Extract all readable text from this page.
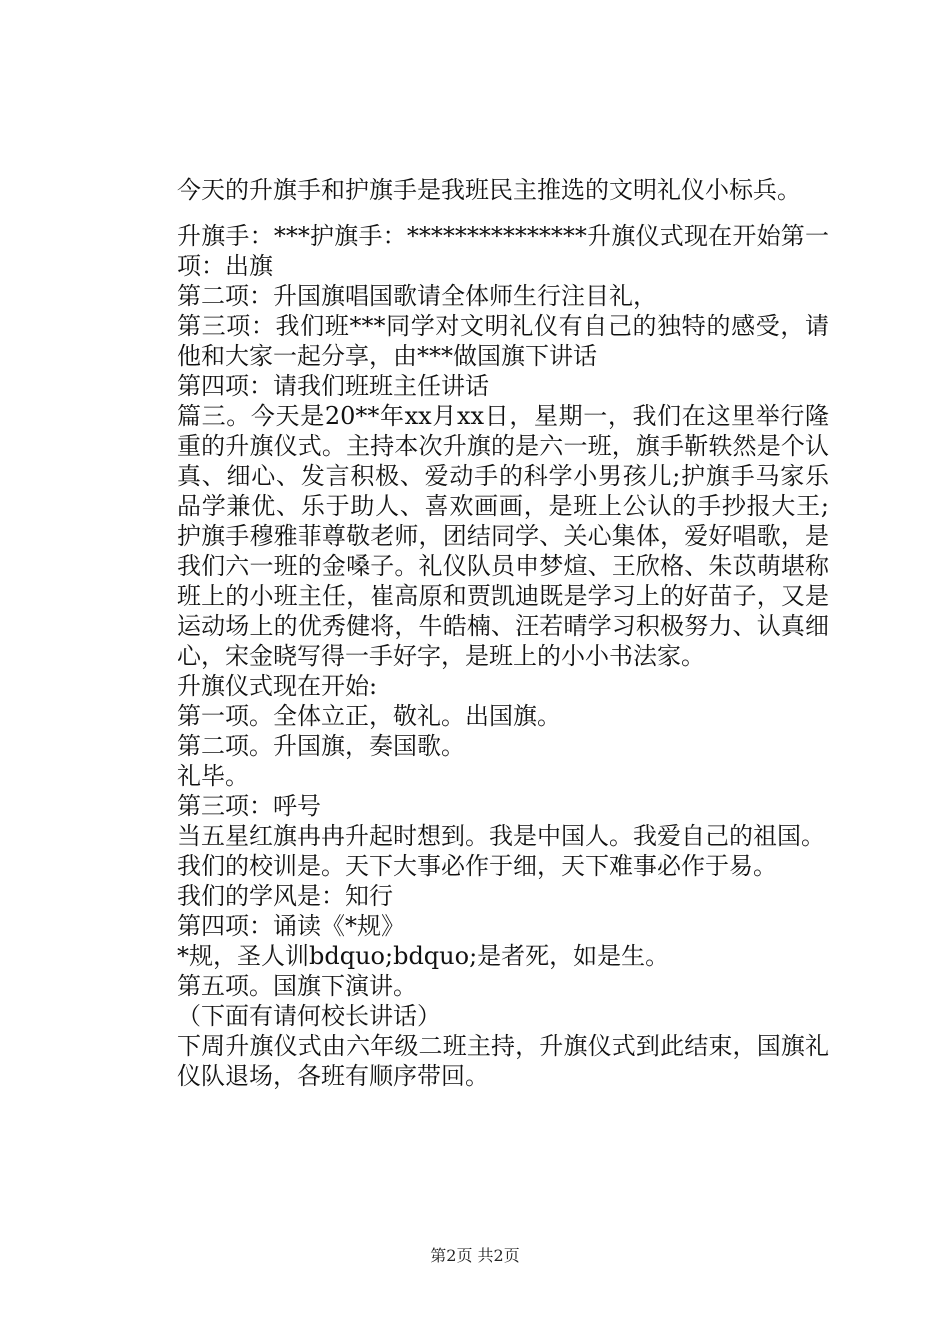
今天的升旗手和护旗手是我班民主推选的文明礼仪小标兵。

升旗手：***护旗手：***************升旗仪式现在开始第一项：出旗

第二项：升国旗唱国歌请全体师生行注目礼，

第三项：我们班***同学对文明礼仪有自己的独特的感受，请他和大家一起分享，由***做国旗下讲话

第四项：请我们班班主任讲话

篇三。今天是20**年xx月xx日，星期一，我们在这里举行隆重的升旗仪式。主持本次升旗的是六一班，旗手靳轶然是个认真、细心、发言积极、爱动手的科学小男孩儿;护旗手马家乐品学兼优、乐于助人、喜欢画画，是班上公认的手抄报大王;护旗手穆雅菲尊敬老师，团结同学、关心集体，爱好唱歌，是我们六一班的金嗓子。礼仪队员申梦煊、王欣格、朱苡萌堪称班上的小班主任，崔高原和贾凯迪既是学习上的好苗子，又是运动场上的优秀健将，牛皓楠、汪若晴学习积极努力、认真细心，宋金晓写得一手好字，是班上的小小书法家。

升旗仪式现在开始:

第一项。全体立正，敬礼。出国旗。

第二项。升国旗，奏国歌。

礼毕。

第三项：呼号

当五星红旗冉冉升起时想到。我是中国人。我爱自己的祖国。

我们的校训是。天下大事必作于细，天下难事必作于易。

我们的学风是：知行

第四项：诵读《*规》

*规，圣人训bdquo;bdquo;是者死，如是生。

第五项。国旗下演讲。

（下面有请何校长讲话）

下周升旗仪式由六年级二班主持，升旗仪式到此结束，国旗礼仪队退场，各班有顺序带回。

第2页 共2页
